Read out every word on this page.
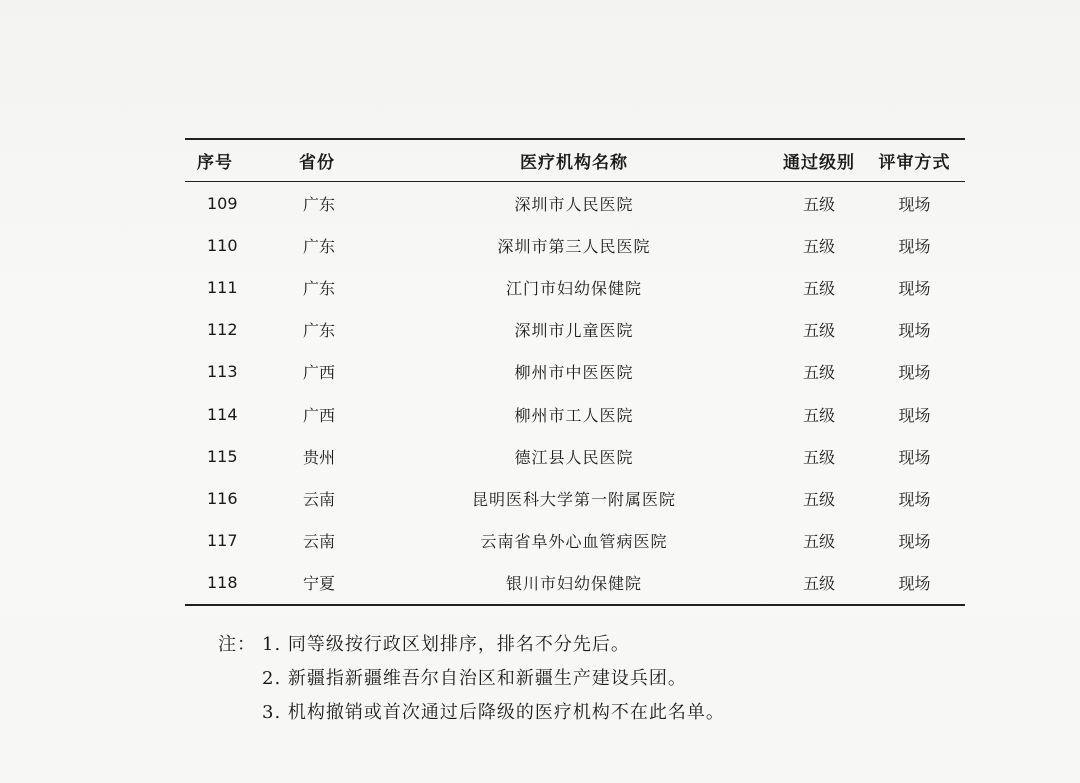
序号	省份	医疗机构名称	通过级别	评审方式
109	广东	深圳市人民医院	五级	现场
110	广东	深圳市第三人民医院	五级	现场
111	广东	江门市妇幼保健院	五级	现场
112	广东	深圳市儿童医院	五级	现场
113	广西	柳州市中医医院	五级	现场
114	广西	柳州市工人医院	五级	现场
115	贵州	德江县人民医院	五级	现场
116	云南	昆明医科大学第一附属医院	五级	现场
117	云南	云南省阜外心血管病医院	五级	现场
118	宁夏	银川市妇幼保健院	五级	现场
注： 1. 同等级按行政区划排序，排名不分先后。
2. 新疆指新疆维吾尔自治区和新疆生产建设兵团。
3. 机构撤销或首次通过后降级的医疗机构不在此名单。
